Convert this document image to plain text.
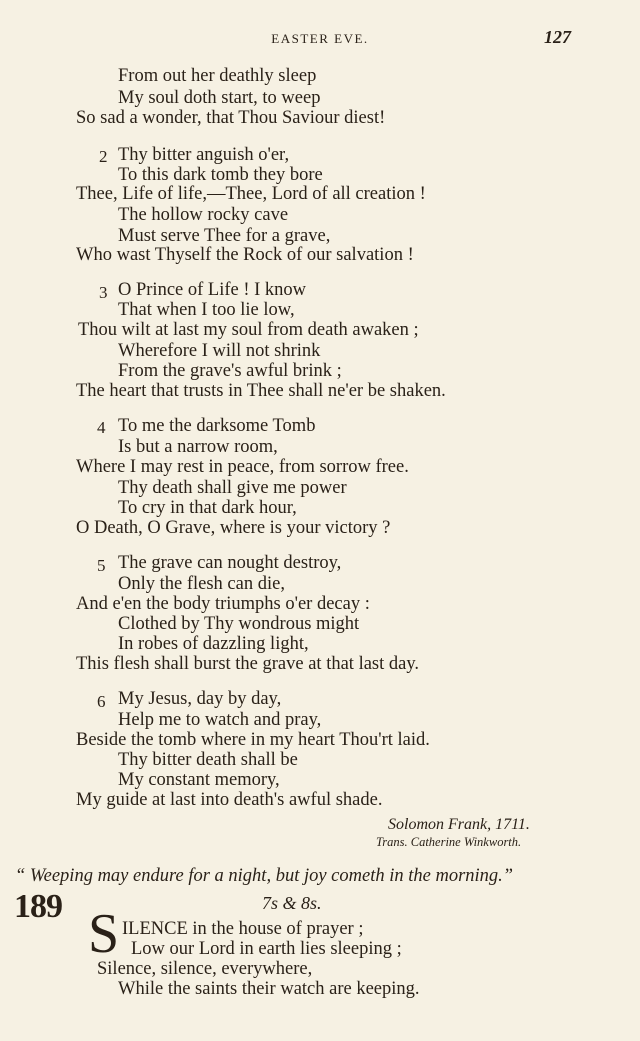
EASTER EVE.	127
From out her deathly sleep
My soul doth start, to weep
So sad a wonder, that Thou Saviour diest!
2 Thy bitter anguish o'er,
To this dark tomb they bore
Thee, Life of life,—Thee, Lord of all creation !
The hollow rocky cave
Must serve Thee for a grave,
Who wast Thyself the Rock of our salvation !
3 O Prince of Life ! I know
That when I too lie low,
Thou wilt at last my soul from death awaken ;
Wherefore I will not shrink
From the grave's awful brink ;
The heart that trusts in Thee shall ne'er be shaken.
4 To me the darksome Tomb
Is but a narrow room,
Where I may rest in peace, from sorrow free.
Thy death shall give me power
To cry in that dark hour,
O Death, O Grave, where is your victory ?
5 The grave can nought destroy,
Only the flesh can die,
And e'en the body triumphs o'er decay :
Clothed by Thy wondrous might
In robes of dazzling light,
This flesh shall burst the grave at that last day.
6 My Jesus, day by day,
Help me to watch and pray,
Beside the tomb where in my heart Thou'rt laid.
Thy bitter death shall be
My constant memory,
My guide at last into death's awful shade.
Solomon Frank, 1711.
Trans. Catherine Winkworth.
“ Weeping may endure for a night, but joy cometh in the morning.”
189	7s & 8s.
S ILENCE in the house of prayer ;
Low our Lord in earth lies sleeping ;
Silence, silence, everywhere,
While the saints their watch are keeping.
